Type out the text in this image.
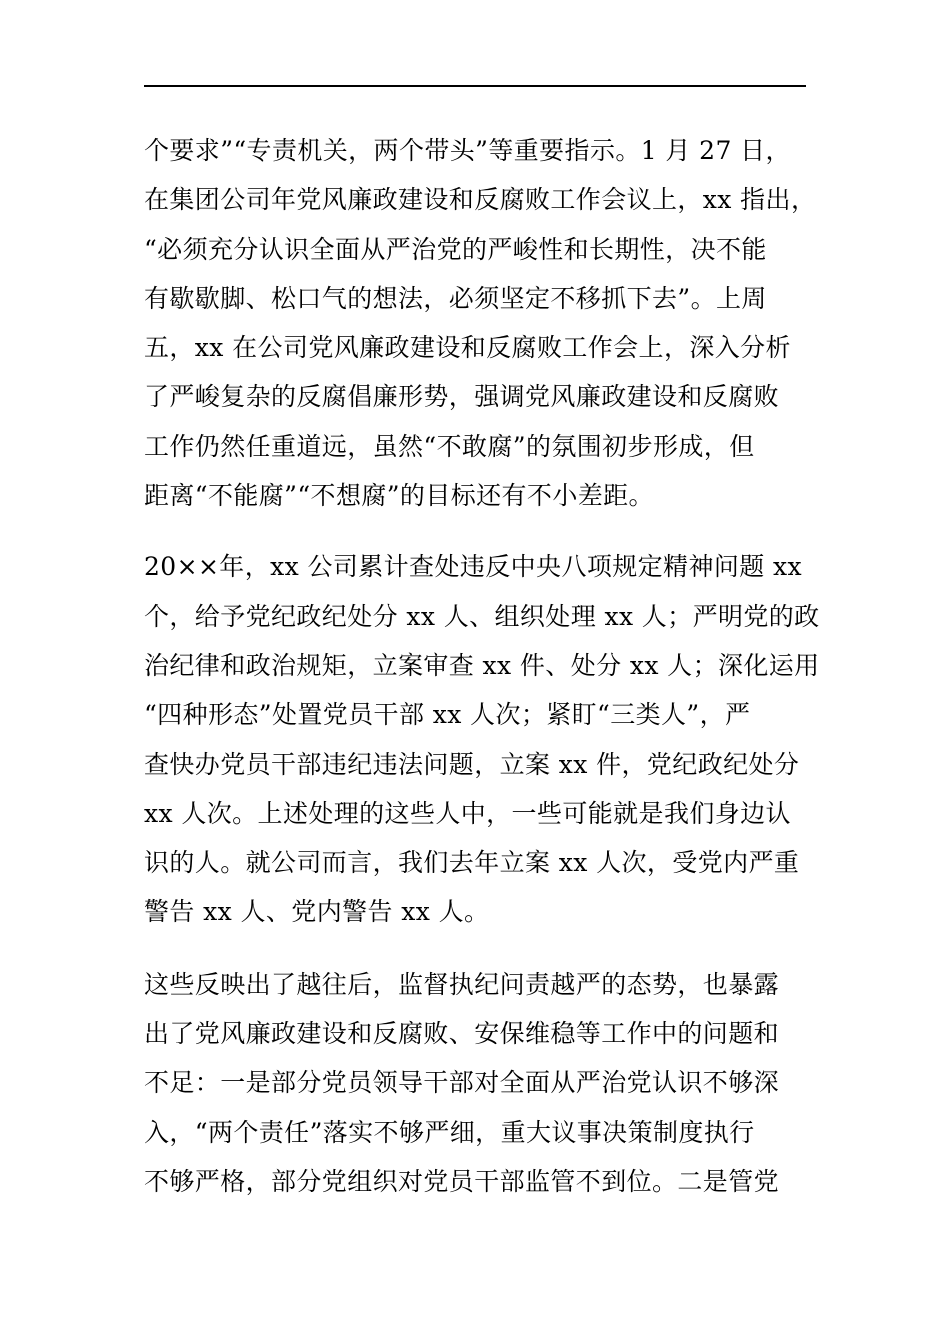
个要求”“专责机关，两个带头”等重要指示。1 月 27 日，
在集团公司年党风廉政建设和反腐败工作会议上，xx 指出，
“必须充分认识全面从严治党的严峻性和长期性，决不能
有歇歇脚、松口气的想法，必须坚定不移抓下去”。上周
五，xx 在公司党风廉政建设和反腐败工作会上，深入分析
了严峻复杂的反腐倡廉形势，强调党风廉政建设和反腐败
工作仍然任重道远，虽然“不敢腐”的氛围初步形成，但
距离“不能腐”“不想腐”的目标还有不小差距。

20××年，xx 公司累计查处违反中央八项规定精神问题 xx
个，给予党纪政纪处分 xx 人、组织处理 xx 人；严明党的政
治纪律和政治规矩，立案审查 xx 件、处分 xx 人；深化运用
“四种形态”处置党员干部 xx 人次；紧盯“三类人”，严
查快办党员干部违纪违法问题，立案 xx 件，党纪政纪处分
xx 人次。上述处理的这些人中，一些可能就是我们身边认
识的人。就公司而言，我们去年立案 xx 人次，受党内严重
警告 xx 人、党内警告 xx 人。

这些反映出了越往后，监督执纪问责越严的态势，也暴露
出了党风廉政建设和反腐败、安保维稳等工作中的问题和
不足：一是部分党员领导干部对全面从严治党认识不够深
入，“两个责任”落实不够严细，重大议事决策制度执行
不够严格，部分党组织对党员干部监管不到位。二是管党
